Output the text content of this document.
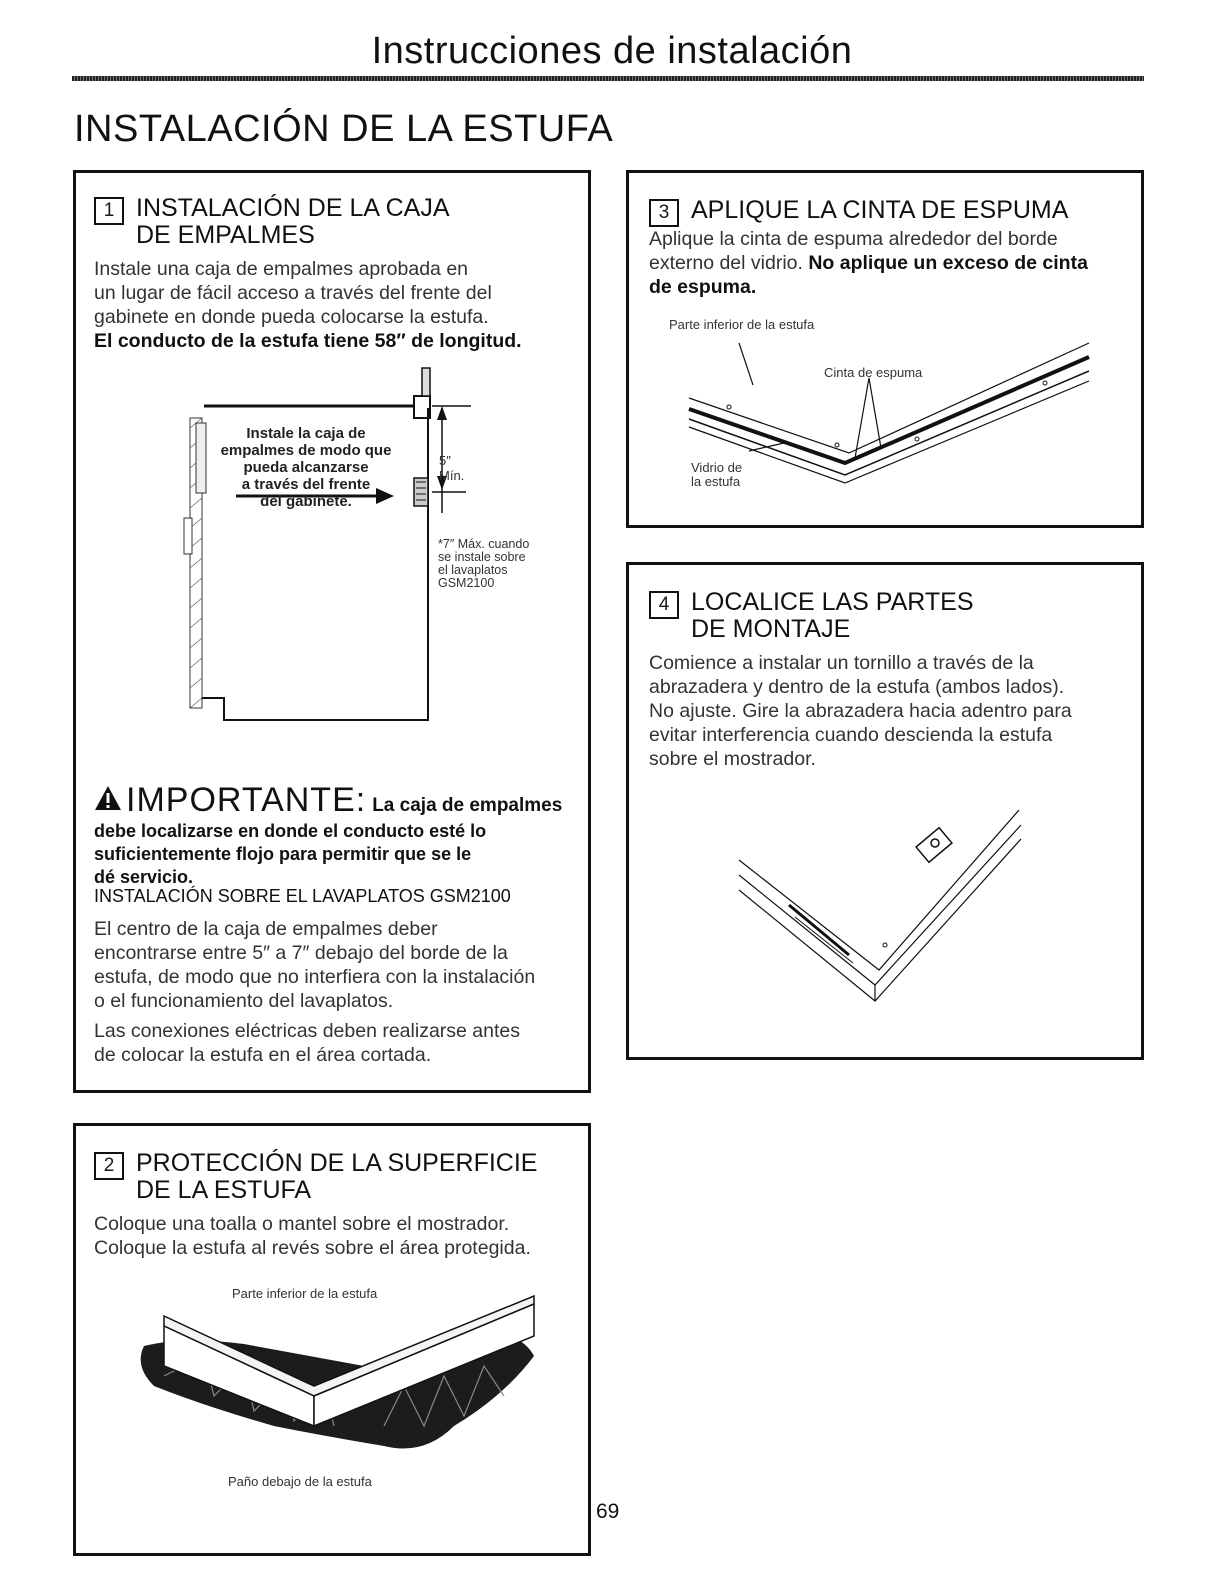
Instrucciones de instalación
INSTALACIÓN DE LA ESTUFA
1 INSTALACIÓN DE LA CAJA
DE EMPALMES
Instale una caja de empalmes aprobada en
un lugar de fácil acceso a través del frente del
gabinete en donde pueda colocarse la estufa.
El conducto de la estufa tiene 58″ de longitud.
Instale la caja de
empalmes de modo que
pueda alcanzarse
a través del frente
del gabinete.
5″
Mín.
*7″ Máx. cuando
se instale sobre
el lavaplatos
GSM2100
IMPORTANTE: La caja de empalmes
debe localizarse en donde el conducto esté lo
suficientemente flojo para permitir que se le
dé servicio.
INSTALACIÓN SOBRE EL LAVAPLATOS GSM2100
El centro de la caja de empalmes deber
encontrarse entre 5″ a 7″ debajo del borde de la
estufa, de modo que no interfiera con la instalación
o el funcionamiento del lavaplatos.
Las conexiones eléctricas deben realizarse antes
de colocar la estufa en el área cortada.
2 PROTECCIÓN DE LA SUPERFICIE
DE LA ESTUFA
Coloque una toalla o mantel sobre el mostrador.
Coloque la estufa al revés sobre el área protegida.
Parte inferior de la estufa
Paño debajo de la estufa
3 APLIQUE LA CINTA DE ESPUMA
Aplique la cinta de espuma alrededor del borde
externo del vidrio. No aplique un exceso de cinta
de espuma.
Parte inferior de la estufa
Cinta de espuma
Vidrio de
la estufa
4 LOCALICE LAS PARTES
DE MONTAJE
Comience a instalar un tornillo a través de la
abrazadera y dentro de la estufa (ambos lados).
No ajuste. Gire la abrazadera hacia adentro para
evitar interferencia cuando descienda la estufa
sobre el mostrador.
69
